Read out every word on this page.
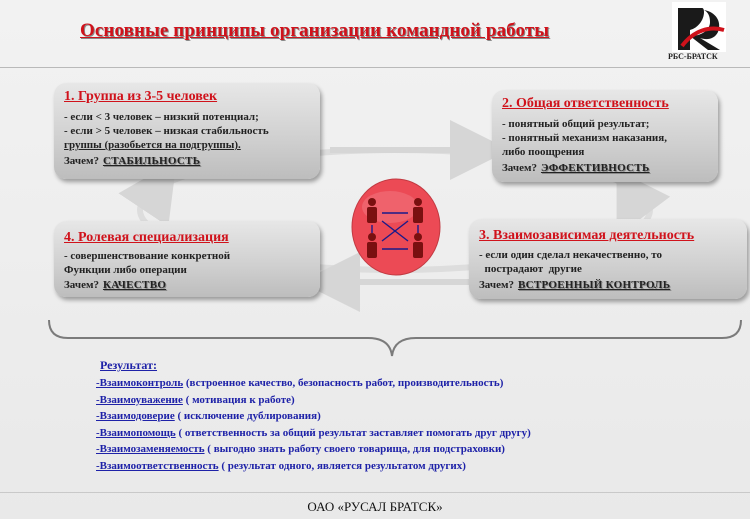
Основные принципы организации командной работы
РБС-БРАТСК
1. Группа из 3-5 человек
- если < 3 человек – низкий потенциал;
- если > 5 человек – низкая стабильность
группы (разобьется на подгруппы).
Зачем? СТАБИЛЬНОСТЬ
2. Общая ответственность
- понятный общий результат;
- понятный механизм наказания,
либо поощрения
Зачем? ЭФФЕКТИВНОСТЬ
4. Ролевая специализация
- совершенствование конкретной
Функции либо операции
Зачем? КАЧЕСТВО
3. Взаимозависимая деятельность
- если один сделал некачественно, то
пострадают  другие
Зачем? ВСТРОЕННЫЙ КОНТРОЛЬ
Результат:
-Взаимоконтроль (встроенное качество, безопасность работ, производительность)
-Взаимоуважение ( мотивация к работе)
-Взаимодоверие ( исключение дублирования)
-Взаимопомощь ( ответственность за общий результат заставляет помогать друг другу)
-Взаимозаменяемость ( выгодно знать работу своего товарища, для подстраховки)
-Взаимоответственность ( результат одного, является результатом других)
ОАО «РУСАЛ БРАТСК»
